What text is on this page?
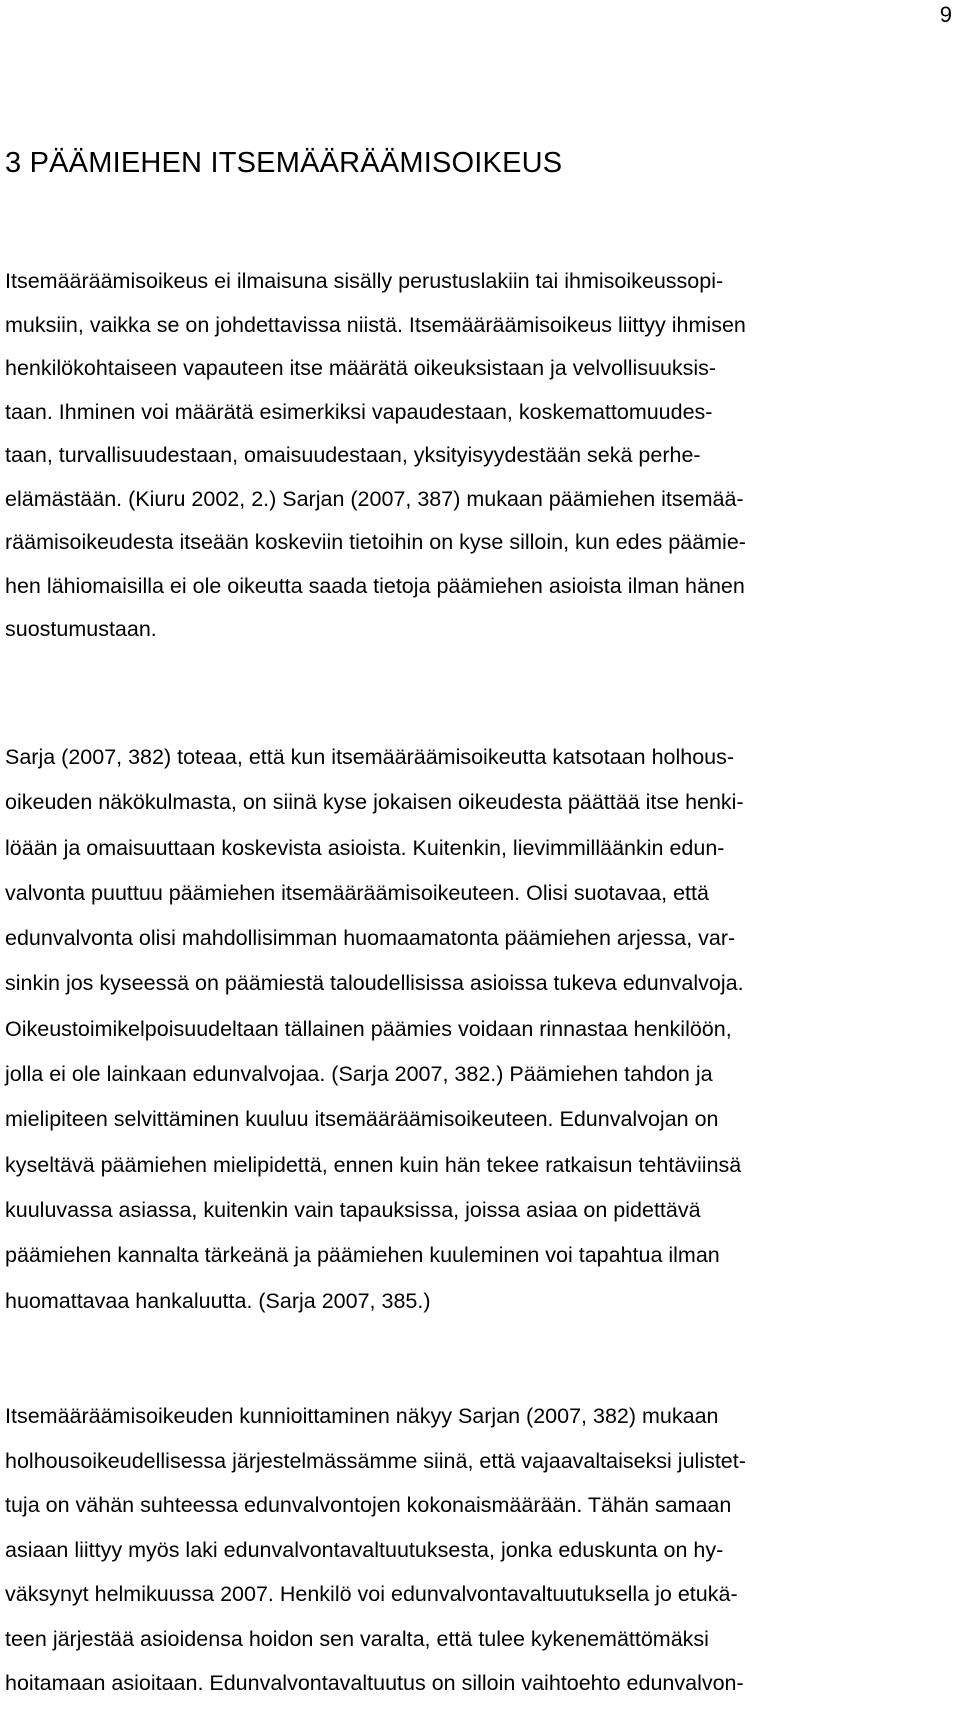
9
3 PÄÄMIEHEN ITSEMÄÄRÄÄMISOIKEUS
Itsemääräämisoikeus ei ilmaisuna sisälly perustuslakiin tai ihmisoikeussopi-
muksiin, vaikka se on johdettavissa niistä. Itsemääräämisoikeus liittyy ihmisen
henkilökohtaiseen vapauteen itse määrätä oikeuksistaan ja velvollisuuksis-
taan. Ihminen voi määrätä esimerkiksi vapaudestaan, koskemattomuudes-
taan, turvallisuudestaan, omaisuudestaan, yksityisyydestään sekä perhe-
elämästään. (Kiuru 2002, 2.) Sarjan (2007, 387) mukaan päämiehen itsemää-
räämisoikeudesta itseään koskeviin tietoihin on kyse silloin, kun edes päämie-
hen lähiomaisilla ei ole oikeutta saada tietoja päämiehen asioista ilman hänen
suostumustaan.
Sarja (2007, 382) toteaa, että kun itsemääräämisoikeutta katsotaan holhous-
oikeuden näkökulmasta, on siinä kyse jokaisen oikeudesta päättää itse henki-
löään ja omaisuuttaan koskevista asioista. Kuitenkin, lievimmilläänkin edun-
valvonta puuttuu päämiehen itsemääräämisoikeuteen. Olisi suotavaa, että
edunvalvonta olisi mahdollisimman huomaamatonta päämiehen arjessa, var-
sinkin jos kyseessä on päämiestä taloudellisissa asioissa tukeva edunvalvoja.
Oikeustoimikelpoisuudeltaan tällainen päämies voidaan rinnastaa henkilöön,
jolla ei ole lainkaan edunvalvojaa. (Sarja 2007, 382.) Päämiehen tahdon ja
mielipiteen selvittäminen kuuluu itsemääräämisoikeuteen. Edunvalvojan on
kyseltävä päämiehen mielipidettä, ennen kuin hän tekee ratkaisun tehtäviinsä
kuuluvassa asiassa, kuitenkin vain tapauksissa, joissa asiaa on pidettävä
päämiehen kannalta tärkeänä ja päämiehen kuuleminen voi tapahtua ilman
huomattavaa hankaluutta. (Sarja 2007, 385.)
Itsemääräämisoikeuden kunnioittaminen näkyy Sarjan (2007, 382) mukaan
holhousoikeudellisessa järjestelmässämme siinä, että vajaavaltaiseksi julistet-
tuja on vähän suhteessa edunvalvontojen kokonaismäärään. Tähän samaan
asiaan liittyy myös laki edunvalvontavaltuutuksesta, jonka eduskunta on hy-
väksynyt helmikuussa 2007. Henkilö voi edunvalvontavaltuutuksella jo etukä-
teen järjestää asioidensa hoidon sen varalta, että tulee kykenemättömäksi
hoitamaan asioitaan. Edunvalvontavaltuutus on silloin vaihtoehto edunvalvon-
